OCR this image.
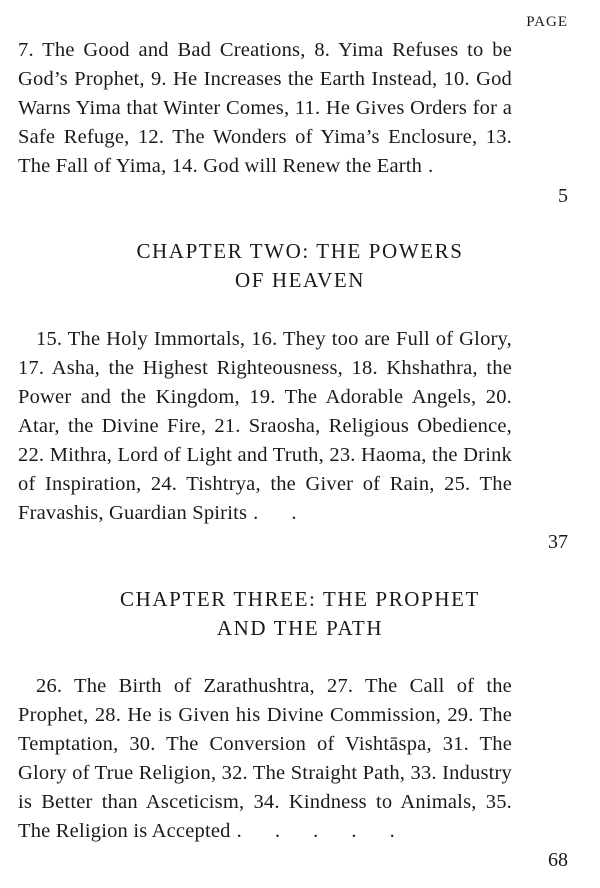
PAGE
7. The Good and Bad Creations, 8. Yima Refuses to be God’s Prophet, 9. He Increases the Earth Instead, 10. God Warns Yima that Winter Comes, 11. He Gives Orders for a Safe Refuge, 12. The Wonders of Yima’s Enclosure, 13. The Fall of Yima, 14. God will Renew the Earth .
5
CHAPTER TWO: THE POWERS
OF HEAVEN
15. The Holy Immortals, 16. They too are Full of Glory, 17. Asha, the Highest Righteousness, 18. Khshathra, the Power and the Kingdom, 19. The Adorable Angels, 20. Atar, the Divine Fire, 21. Sraosha, Religious Obedience, 22. Mithra, Lord of Light and Truth, 23. Haoma, the Drink of Inspiration, 24. Tishtrya, the Giver of Rain, 25. The Fravashis, Guardian Spirits . .
37
CHAPTER THREE: THE PROPHET
AND THE PATH
26. The Birth of Zarathushtra, 27. The Call of the Prophet, 28. He is Given his Divine Commission, 29. The Temptation, 30. The Conversion of Vishtāspa, 31. The Glory of True Religion, 32. The Straight Path, 33. Industry is Better than Asceticism, 34. Kindness to Animals, 35. The Religion is Accepted . . . . .
68
